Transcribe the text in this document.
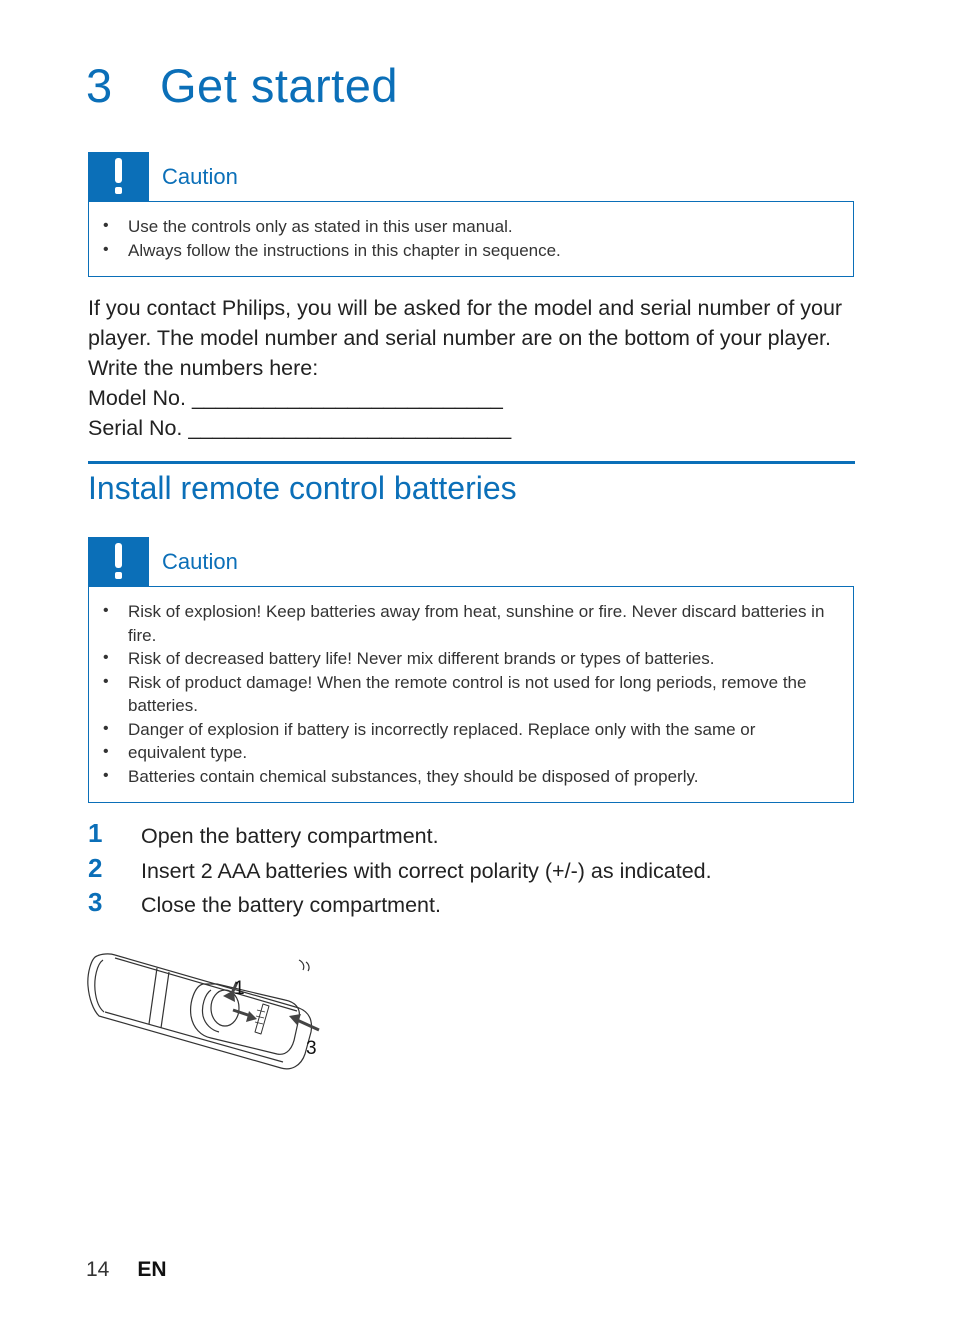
3 Get started
Caution
• Use the controls only as stated in this user manual.
• Always follow the instructions in this chapter in sequence.
If you contact Philips, you will be asked for the model and serial number of your player. The model number and serial number are on the bottom of your player. Write the numbers here:
Model No. __________________________
Serial No. ___________________________
Install remote control batteries
Caution
• Risk of explosion! Keep batteries away from heat, sunshine or fire. Never discard batteries in fire.
• Risk of decreased battery life! Never mix different brands or types of batteries.
• Risk of product damage! When the remote control is not used for long periods, remove the batteries.
• Danger of explosion if battery is incorrectly replaced. Replace only with the same or
• equivalent type.
• Batteries contain chemical substances, they should be disposed of properly.
1 Open the battery compartment.
2 Insert 2 AAA batteries with correct polarity (+/-) as indicated.
3 Close the battery compartment.
1
3
14 EN
